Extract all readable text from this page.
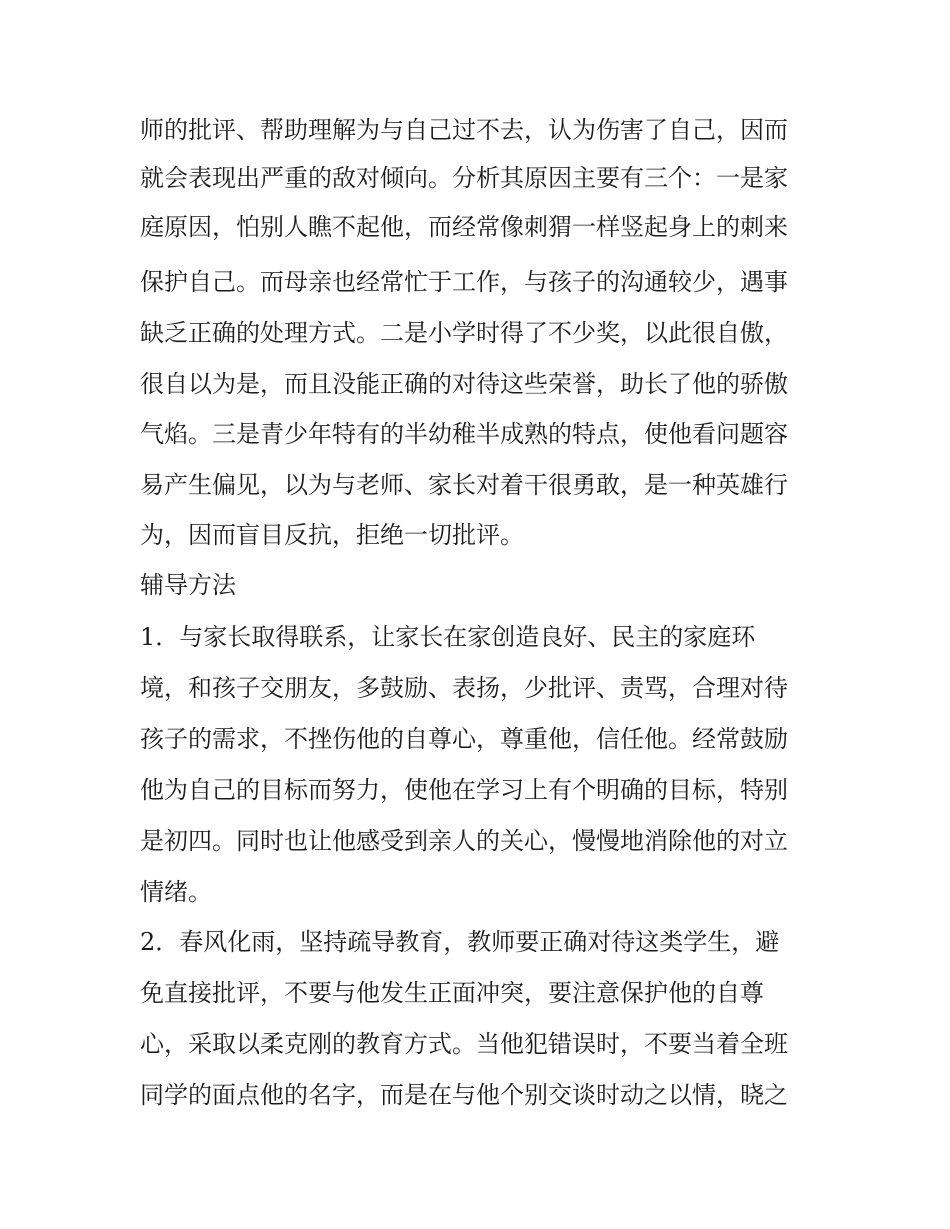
师的批评、帮助理解为与自己过不去，认为伤害了自己，因而
就会表现出严重的敌对倾向。分析其原因主要有三个：一是家
庭原因，怕别人瞧不起他，而经常像刺猬一样竖起身上的刺来
保护自己。而母亲也经常忙于工作，与孩子的沟通较少，遇事
缺乏正确的处理方式。二是小学时得了不少奖，以此很自傲，
很自以为是，而且没能正确的对待这些荣誉，助长了他的骄傲
气焰。三是青少年特有的半幼稚半成熟的特点，使他看问题容
易产生偏见，以为与老师、家长对着干很勇敢，是一种英雄行
为，因而盲目反抗，拒绝一切批评。
辅导方法
1．与家长取得联系，让家长在家创造良好、民主的家庭环
境，和孩子交朋友，多鼓励、表扬，少批评、责骂，合理对待
孩子的需求，不挫伤他的自尊心，尊重他，信任他。经常鼓励
他为自己的目标而努力，使他在学习上有个明确的目标，特别
是初四。同时也让他感受到亲人的关心，慢慢地消除他的对立
情绪。
2．春风化雨，坚持疏导教育，教师要正确对待这类学生，避
免直接批评，不要与他发生正面冲突，要注意保护他的自尊
心，采取以柔克刚的教育方式。当他犯错误时，不要当着全班
同学的面点他的名字，而是在与他个别交谈时动之以情，晓之
